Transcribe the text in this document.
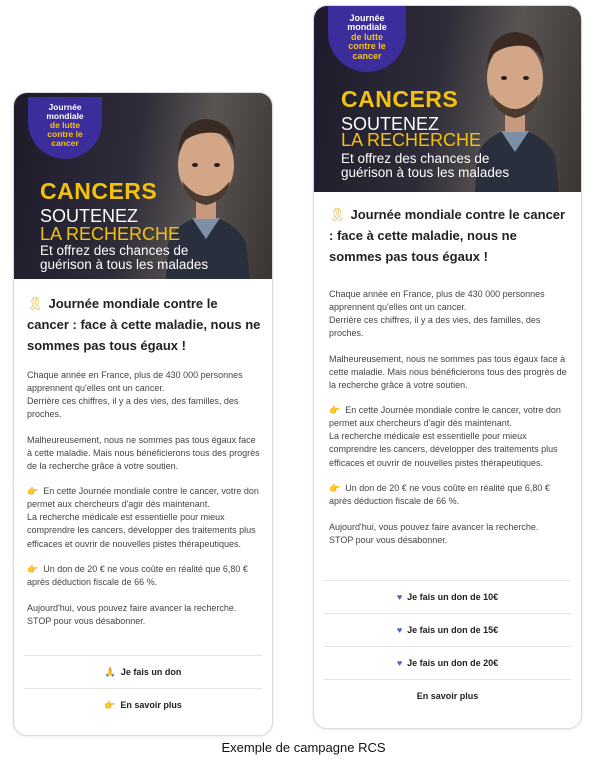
Journée
mondiale
de lutte
contre le
cancer
CANCERS
SOUTENEZ
LA RECHERCHE
Et offrez des chances de
guérison à tous les malades
🎗 Journée mondiale contre le cancer : face à cette maladie, nous ne sommes pas tous égaux !

Chaque année en France, plus de 430 000 personnes apprennent qu'elles ont un cancer.
Derrière ces chiffres, il y a des vies, des familles, des proches.

Malheureusement, nous ne sommes pas tous égaux face à cette maladie. Mais nous bénéficierons tous des progrès de la recherche grâce à votre soutien.

👉 En cette Journée mondiale contre le cancer, votre don permet aux chercheurs d'agir dès maintenant.
La recherche médicale est essentielle pour mieux comprendre les cancers, développer des traitements plus efficaces et ouvrir de nouvelles pistes thérapeutiques.

👉 Un don de 20 € ne vous coûte en réalité que 6,80 € après déduction fiscale de 66 %.

Aujourd'hui, vous pouvez faire avancer la recherche.
STOP pour vous désabonner.

🙏 Je fais un don
👉 En savoir plus
Journée
mondiale
de lutte
contre le
cancer
CANCERS
SOUTENEZ
LA RECHERCHE
Et offrez des chances de
guérison à tous les malades
🎗 Journée mondiale contre le cancer : face à cette maladie, nous ne sommes pas tous égaux !

Chaque année en France, plus de 430 000 personnes apprennent qu'elles ont un cancer.
Derrière ces chiffres, il y a des vies, des familles, des proches.

Malheureusement, nous ne sommes pas tous égaux face à cette maladie. Mais nous bénéficierons tous des progrès de la recherche grâce à votre soutien.

👉 En cette Journée mondiale contre le cancer, votre don permet aux chercheurs d'agir dès maintenant.
La recherche médicale est essentielle pour mieux comprendre les cancers, développer des traitements plus efficaces et ouvrir de nouvelles pistes thérapeutiques.

👉 Un don de 20 € ne vous coûte en réalité que 6,80 € après déduction fiscale de 66 %.

Aujourd'hui, vous pouvez faire avancer la recherche.
STOP pour vous désabonner.

♥ Je fais un don de 10€
♥ Je fais un don de 15€
♥ Je fais un don de 20€
En savoir plus
Exemple de campagne RCS
